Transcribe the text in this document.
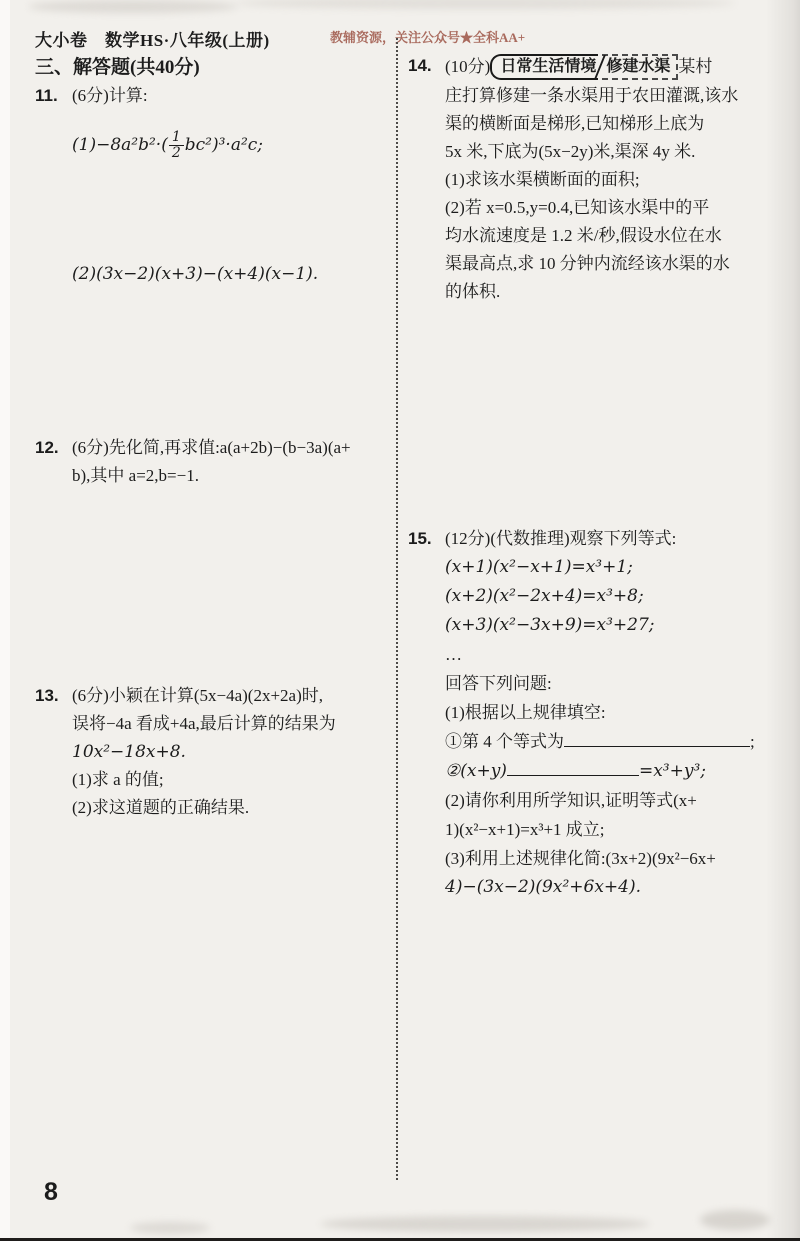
大小卷　数学HS·八年级(上册)	教辅资源，关注公众号★全科AA+
三、解答题(共40分)
11. (6分)计算:
$(1)-8a^2b^2\cdot( \frac{1}{2} bc^2)^3\cdot a^2c$;
(2)(3x−2)(x+3)−(x+4)(x−1).
12. (6分)先化简,再求值:a(a+2b)−(b−3a)(a+
b),其中 a=2,b=−1.
13. (6分)小颖在计算(5x−4a)(2x+2a)时,
误将−4a 看成+4a,最后计算的结果为
10x²−18x+8.
(1)求 a 的值;
(2)求这道题的正确结果.
14. (10分) 日常生活情境 修建水渠 某村
庄打算修建一条水渠用于农田灌溉,该水
渠的横断面是梯形,已知梯形上底为
5x 米,下底为(5x−2y)米,渠深 4y 米.
(1)求该水渠横断面的面积;
(2)若 x=0.5,y=0.4,已知该水渠中的平
均水流速度是 1.2 米/秒,假设水位在水
渠最高点,求 10 分钟内流经该水渠的水
的体积.
15. (12分)(代数推理)观察下列等式:
(x+1)(x²−x+1)=x³+1;
(x+2)(x²−2x+4)=x³+8;
(x+3)(x²−3x+9)=x³+27;
…
回答下列问题:
(1)根据以上规律填空:
①第 4 个等式为	;
②(x+y)	=x³+y³;
(2)请你利用所学知识,证明等式(x+
1)(x²−x+1)=x³+1 成立;
(3)利用上述规律化简:(3x+2)(9x²−6x+
4)−(3x−2)(9x²+6x+4).
8
